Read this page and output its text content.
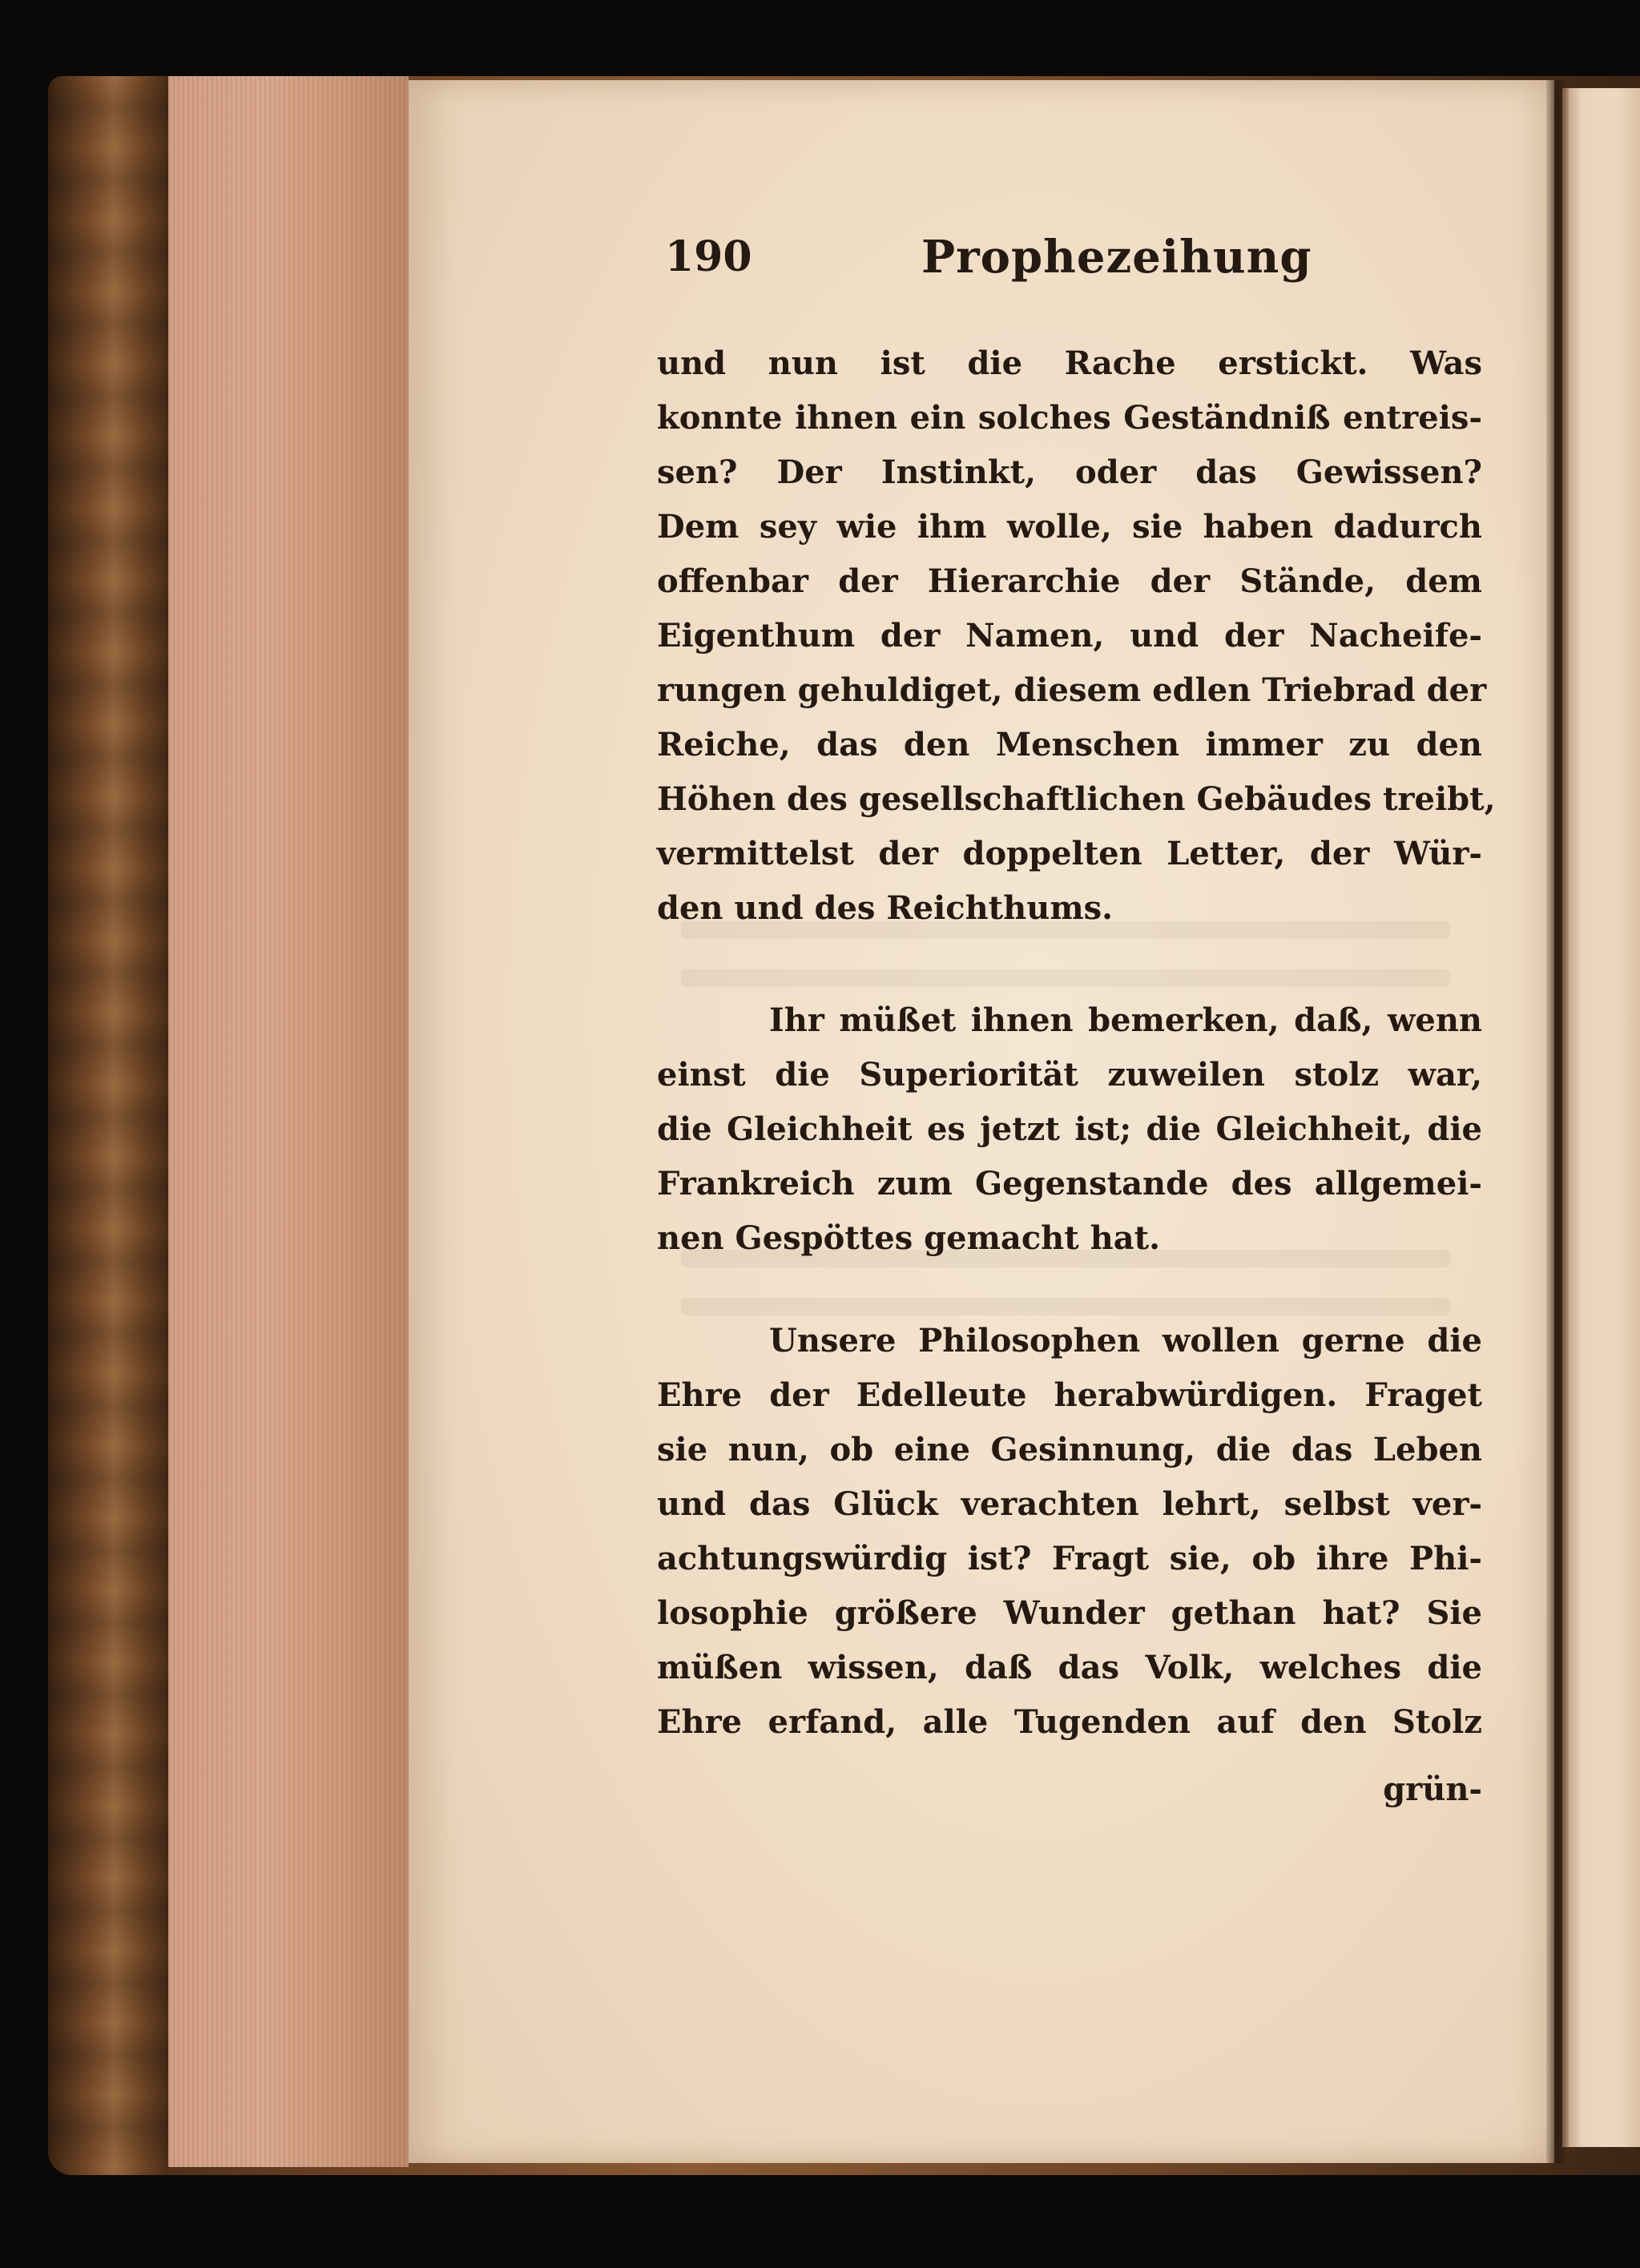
190	Prophezeihung
und nun ist die Rache erstickt. Was
konnte ihnen ein solches Geständniß entreis-
sen? Der Instinkt, oder das Gewissen?
Dem sey wie ihm wolle, sie haben dadurch
offenbar der Hierarchie der Stände, dem
Eigenthum der Namen, und der Nacheife-
rungen gehuldiget, diesem edlen Triebrad der
Reiche, das den Menschen immer zu den
Höhen des gesellschaftlichen Gebäudes treibt,
vermittelst der doppelten Letter, der Wür-
den und des Reichthums.
Ihr müßet ihnen bemerken, daß, wenn
einst die Superiorität zuweilen stolz war,
die Gleichheit es jetzt ist; die Gleichheit, die
Frankreich zum Gegenstande des allgemei-
nen Gespöttes gemacht hat.
Unsere Philosophen wollen gerne die
Ehre der Edelleute herabwürdigen. Fraget
sie nun, ob eine Gesinnung, die das Leben
und das Glück verachten lehrt, selbst ver-
achtungswürdig ist? Fragt sie, ob ihre Phi-
losophie größere Wunder gethan hat? Sie
müßen wissen, daß das Volk, welches die
Ehre erfand, alle Tugenden auf den Stolz
grün-
